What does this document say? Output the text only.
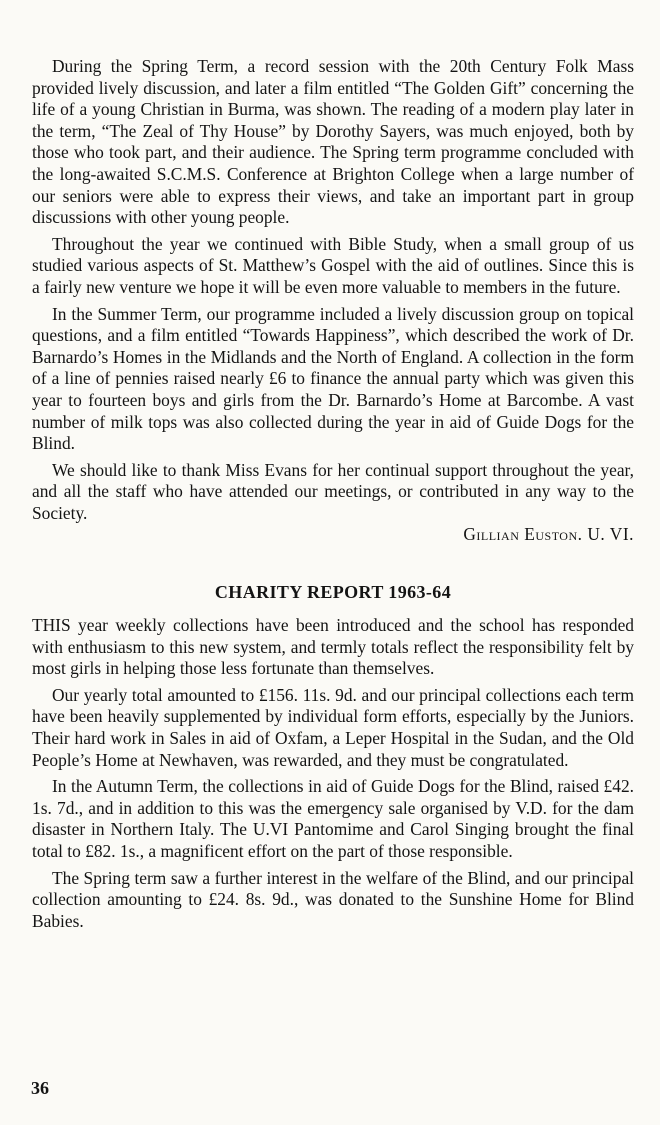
During the Spring Term, a record session with the 20th Century Folk Mass provided lively discussion, and later a film entitled “The Golden Gift” concerning the life of a young Christian in Burma, was shown. The reading of a modern play later in the term, “The Zeal of Thy House” by Dorothy Sayers, was much enjoyed, both by those who took part, and their audience. The Spring term programme concluded with the long-awaited S.C.M.S. Conference at Brighton College when a large number of our seniors were able to express their views, and take an important part in group discussions with other young people.

Throughout the year we continued with Bible Study, when a small group of us studied various aspects of St. Matthew’s Gospel with the aid of outlines. Since this is a fairly new venture we hope it will be even more valuable to members in the future.

In the Summer Term, our programme included a lively discussion group on topical questions, and a film entitled “Towards Happiness”, which described the work of Dr. Barnardo’s Homes in the Midlands and the North of England. A collection in the form of a line of pennies raised nearly £6 to finance the annual party which was given this year to fourteen boys and girls from the Dr. Barnardo’s Home at Barcombe. A vast number of milk tops was also collected during the year in aid of Guide Dogs for the Blind.

We should like to thank Miss Evans for her continual support throughout the year, and all the staff who have attended our meetings, or contributed in any way to the Society.

Gillian Euston. U. VI.

CHARITY REPORT 1963-64

THIS year weekly collections have been introduced and the school has responded with enthusiasm to this new system, and termly totals reflect the responsibility felt by most girls in helping those less fortunate than themselves.

Our yearly total amounted to £156. 11s. 9d. and our principal collections each term have been heavily supplemented by individual form efforts, especially by the Juniors. Their hard work in Sales in aid of Oxfam, a Leper Hospital in the Sudan, and the Old People’s Home at Newhaven, was rewarded, and they must be congratulated.

In the Autumn Term, the collections in aid of Guide Dogs for the Blind, raised £42. 1s. 7d., and in addition to this was the emergency sale organised by V.D. for the dam disaster in Northern Italy. The U.VI Pantomime and Carol Singing brought the final total to £82. 1s., a magnificent effort on the part of those responsible.

The Spring term saw a further interest in the welfare of the Blind, and our principal collection amounting to £24. 8s. 9d., was donated to the Sunshine Home for Blind Babies.

36
